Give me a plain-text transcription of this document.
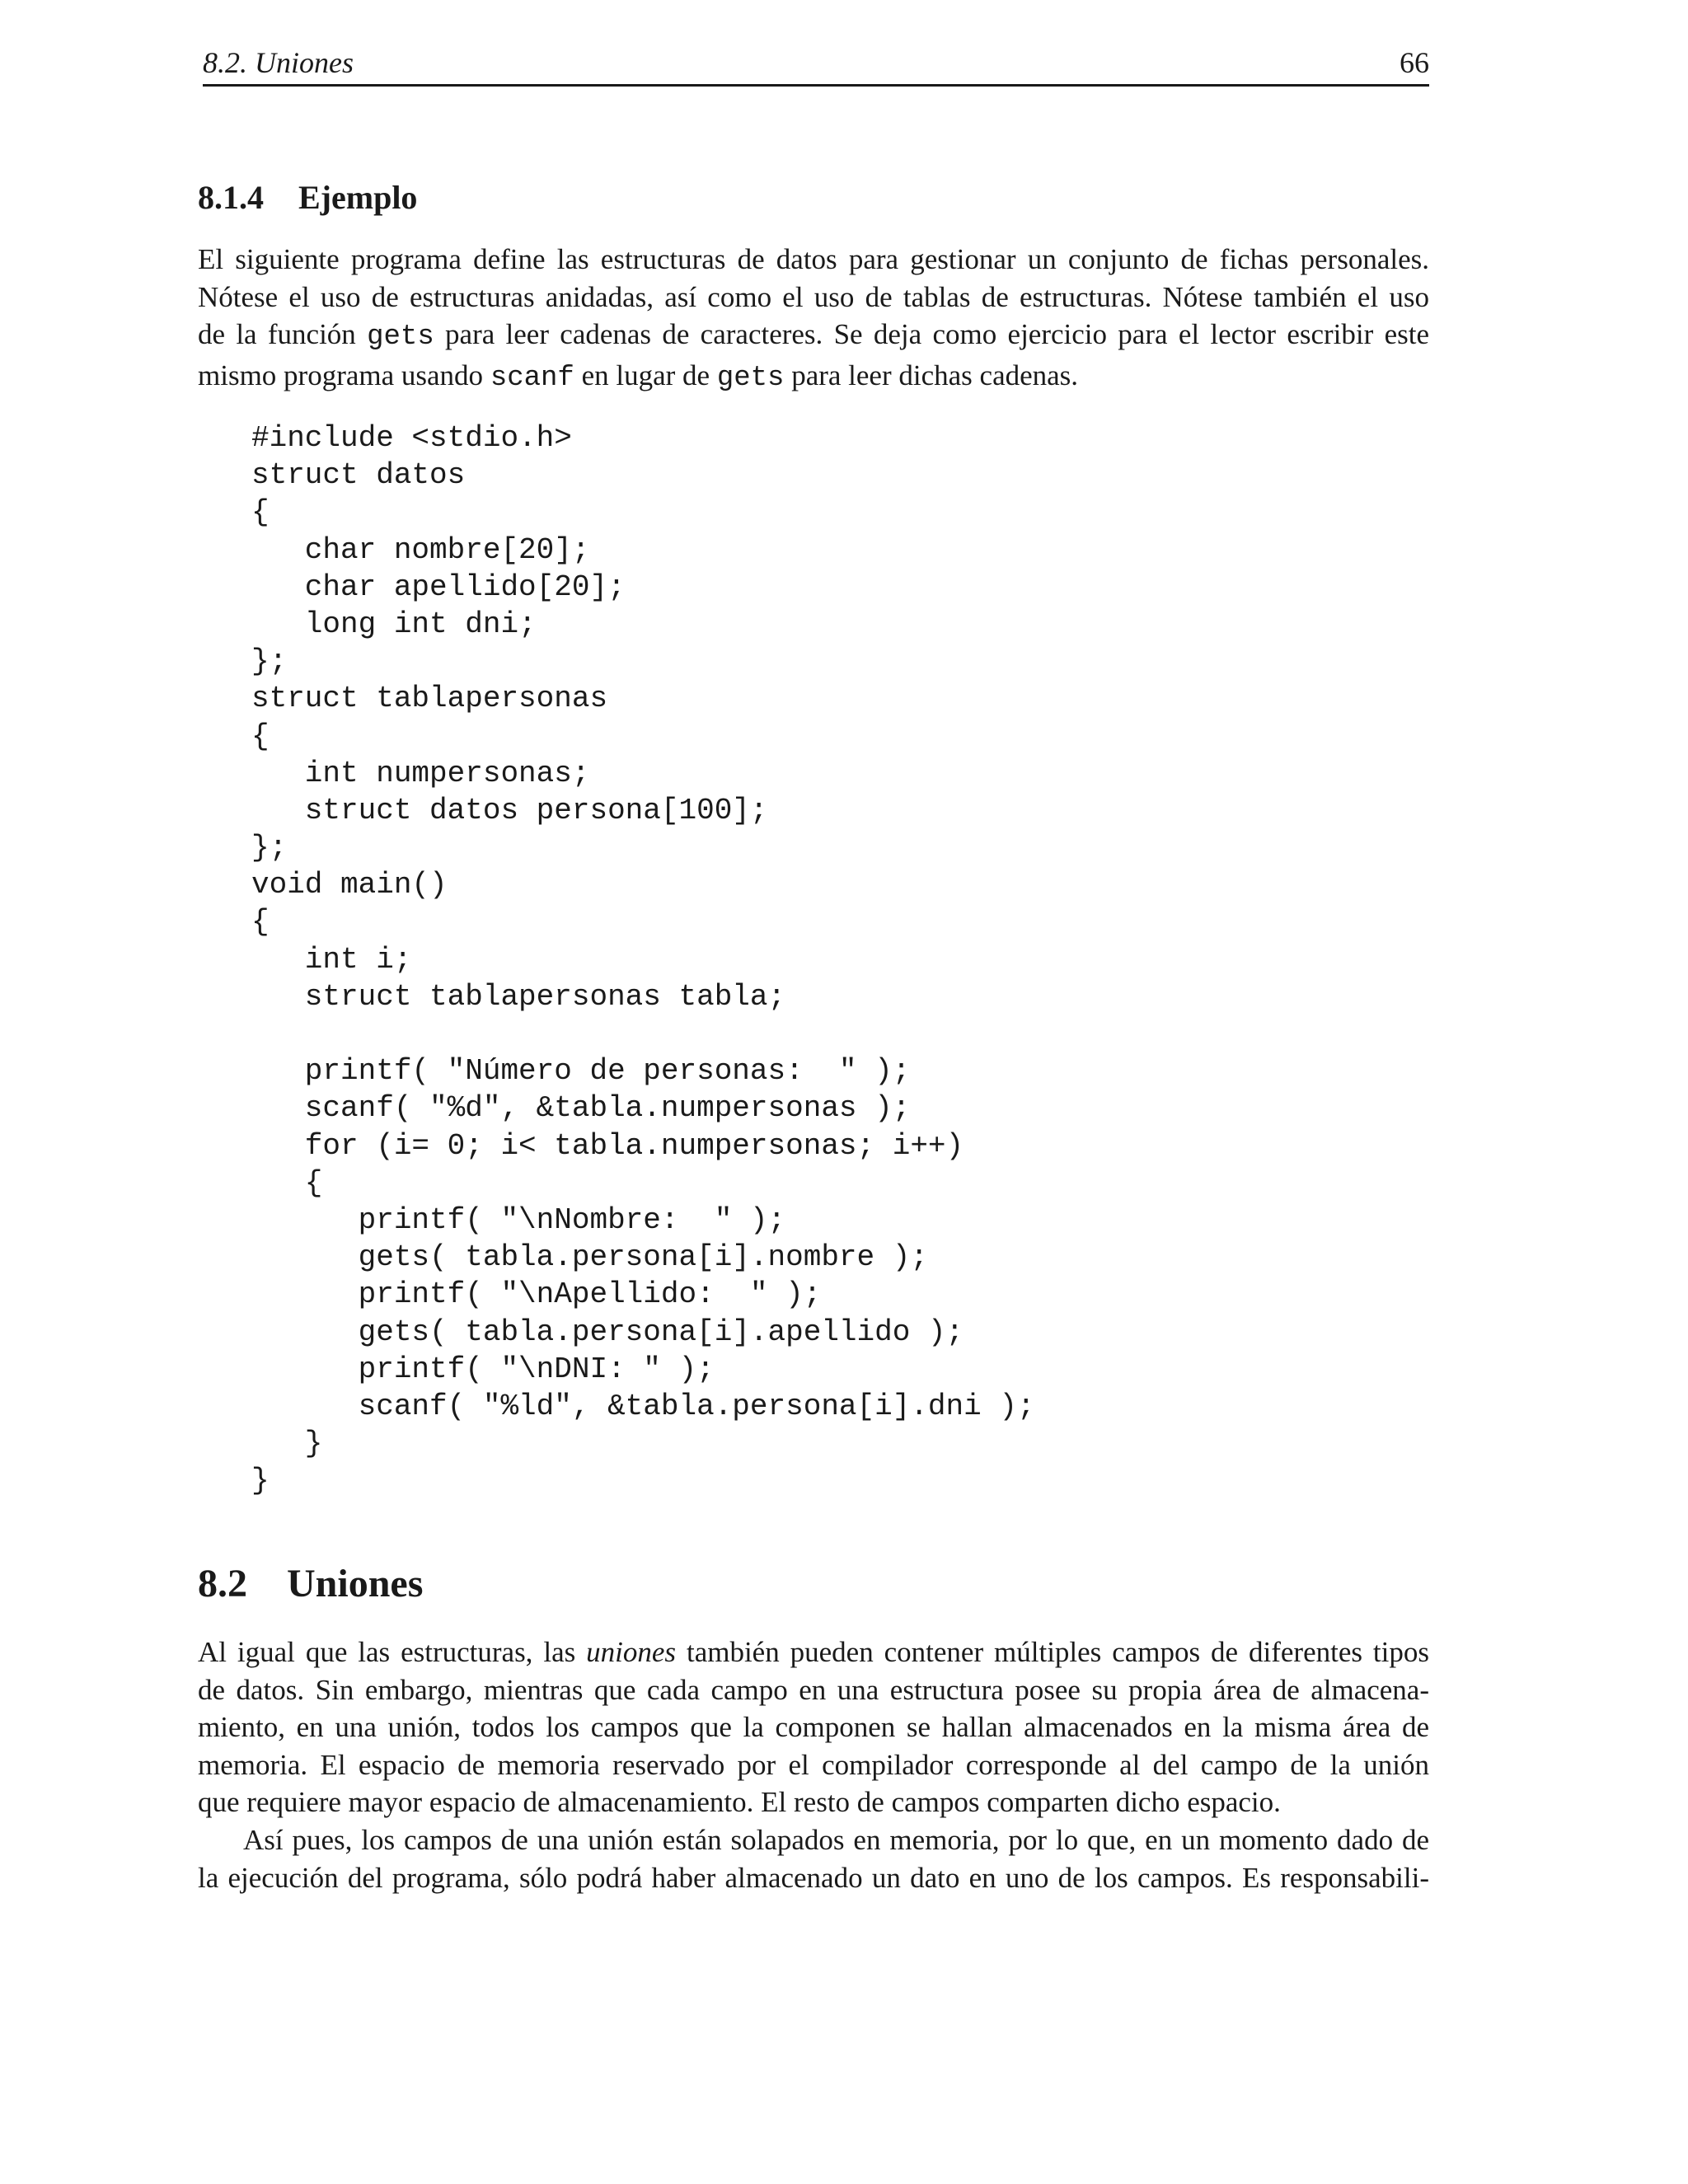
8.2. Uniones	66
8.1.4 Ejemplo
El siguiente programa define las estructuras de datos para gestionar un conjunto de fichas personales.
Nótese el uso de estructuras anidadas, así como el uso de tablas de estructuras. Nótese también el uso
de la función gets para leer cadenas de caracteres. Se deja como ejercicio para el lector escribir este
mismo programa usando scanf en lugar de gets para leer dichas cadenas.
#include <stdio.h>
struct datos
{
char nombre[20];
char apellido[20];
long int dni;
};
struct tablapersonas
{
int numpersonas;
struct datos persona[100];
};
void main()
{
int i;
struct tablapersonas tabla;
printf( "Número de personas:  " );
scanf( "%d", &tabla.numpersonas );
for (i= 0; i< tabla.numpersonas; i++)
{
printf( "\nNombre:  " );
gets( tabla.persona[i].nombre );
printf( "\nApellido:  " );
gets( tabla.persona[i].apellido );
printf( "\nDNI: " );
scanf( "%ld", &tabla.persona[i].dni );
}
}
8.2 Uniones
Al igual que las estructuras, las uniones también pueden contener múltiples campos de diferentes tipos
de datos. Sin embargo, mientras que cada campo en una estructura posee su propia área de almacena-
miento, en una unión, todos los campos que la componen se hallan almacenados en la misma área de
memoria. El espacio de memoria reservado por el compilador corresponde al del campo de la unión
que requiere mayor espacio de almacenamiento. El resto de campos comparten dicho espacio.
Así pues, los campos de una unión están solapados en memoria, por lo que, en un momento dado de
la ejecución del programa, sólo podrá haber almacenado un dato en uno de los campos. Es responsabili-
